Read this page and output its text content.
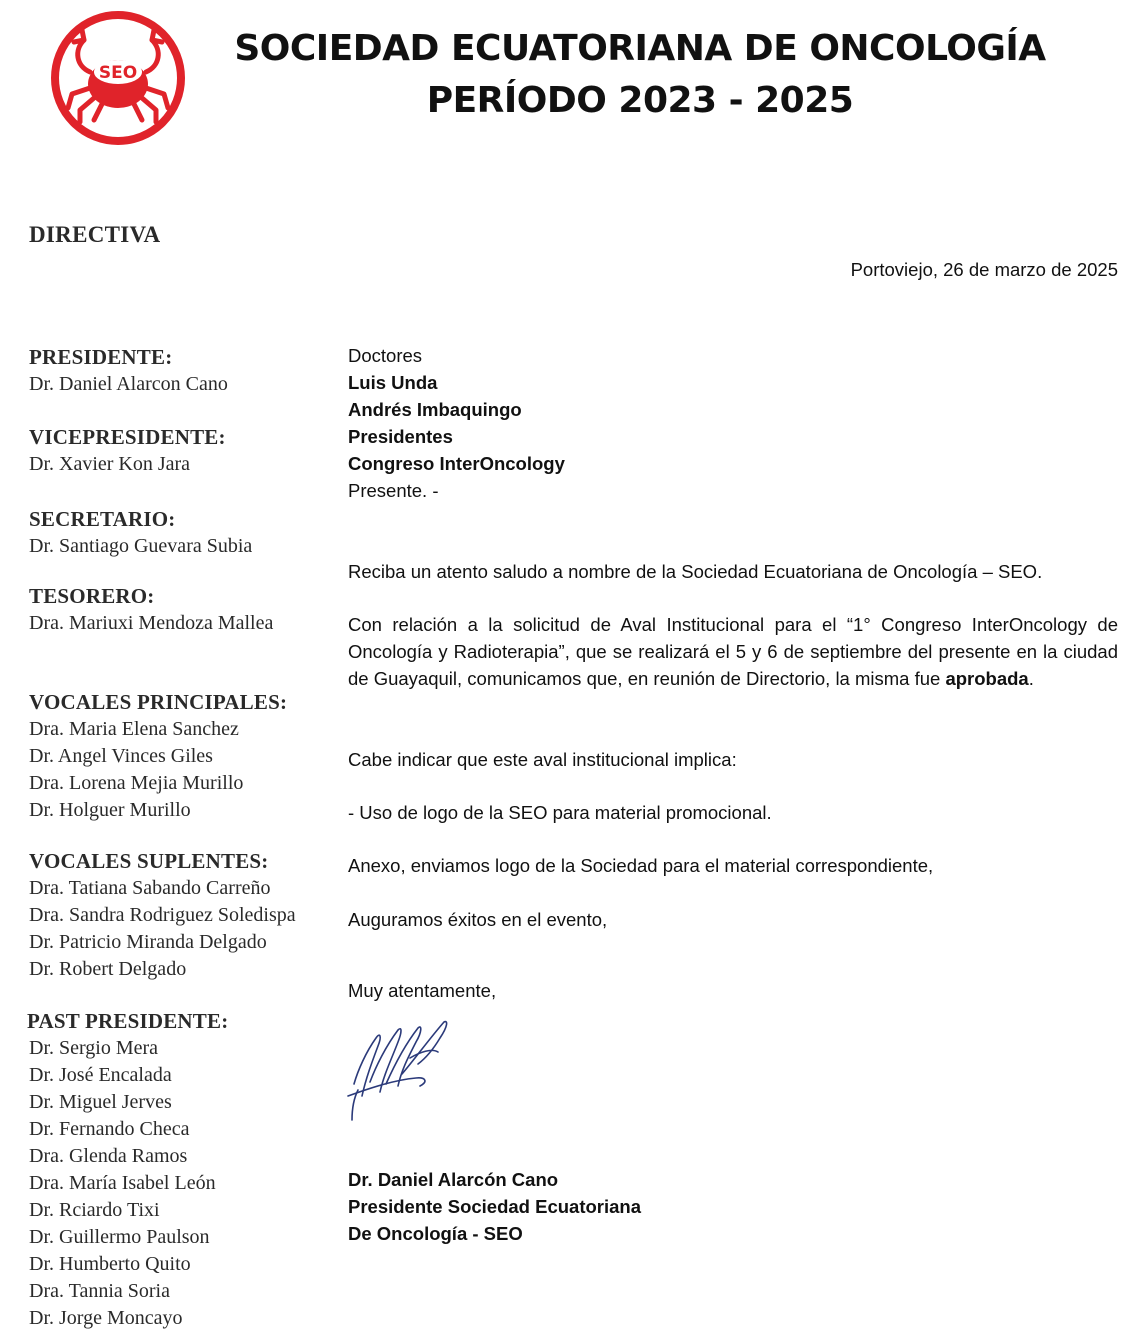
SEO
SOCIEDAD ECUATORIANA DE ONCOLOGÍA
PERÍODO 2023 - 2025
DIRECTIVA
PRESIDENTE:
Dr. Daniel Alarcon Cano
VICEPRESIDENTE:
Dr. Xavier Kon Jara
SECRETARIO:
Dr. Santiago Guevara Subia
TESORERO:
Dra. Mariuxi Mendoza Mallea
VOCALES PRINCIPALES:
Dra. Maria Elena Sanchez
Dr. Angel Vinces Giles
Dra. Lorena Mejia Murillo
Dr. Holguer Murillo
VOCALES SUPLENTES:
Dra. Tatiana Sabando Carreño
Dra. Sandra Rodriguez Soledispa
Dr. Patricio Miranda Delgado
Dr. Robert Delgado
PAST PRESIDENTE:
Dr. Sergio Mera
Dr. José Encalada
Dr. Miguel Jerves
Dr. Fernando Checa
Dra. Glenda Ramos
Dra. María Isabel León
Dr. Rciardo Tixi
Dr. Guillermo Paulson
Dr. Humberto Quito
Dra. Tannia Soria
Dr. Jorge Moncayo
Portoviejo, 26 de marzo de 2025
Doctores
Luis Unda
Andrés Imbaquingo
Presidentes
Congreso InterOncology
Presente. -

Reciba un atento saludo a nombre de la Sociedad Ecuatoriana de Oncología – SEO.

Con relación a la solicitud de Aval Institucional para el “1° Congreso InterOncology de Oncología y Radioterapia”, que se realizará el 5 y 6 de septiembre del presente en la ciudad de Guayaquil, comunicamos que, en reunión de Directorio, la misma fue aprobada.

Cabe indicar que este aval institucional implica:

- Uso de logo de la SEO para material promocional.

Anexo, enviamos logo de la Sociedad para el material correspondiente,

Auguramos éxitos en el evento,

Muy atentamente,

Dr. Daniel Alarcón Cano
Presidente Sociedad Ecuatoriana
De Oncología - SEO
